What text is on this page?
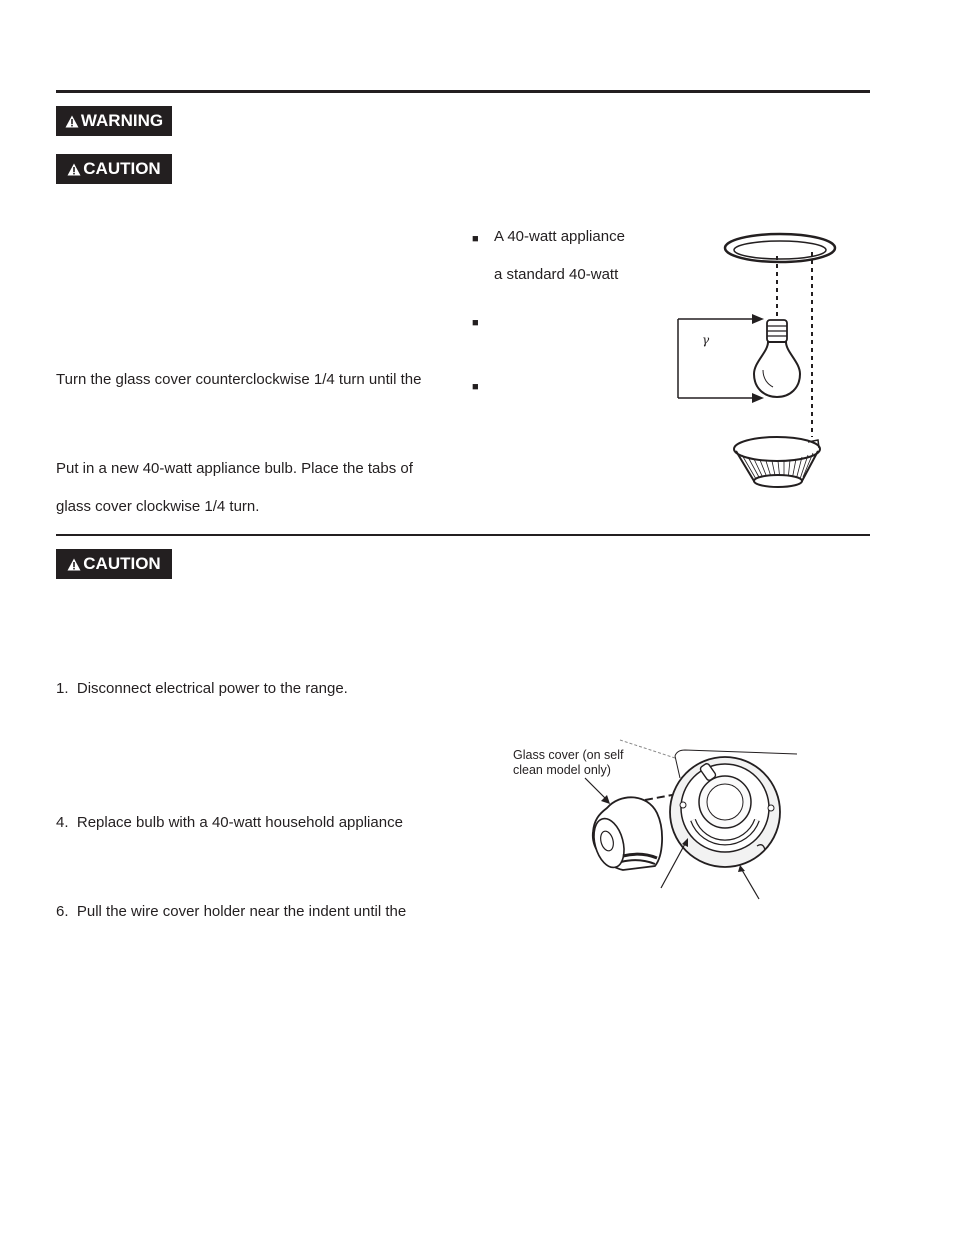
WARNING
CAUTION
Turn the glass cover counterclockwise 1/4 turn until the
Put in a new 40-watt appliance bulb. Place the tabs of
glass cover clockwise 1/4 turn.
■ A 40-watt appliance
a standard 40-watt
■
■
γ
CAUTION
1. Disconnect electrical power to the range.
4. Replace bulb with a 40-watt household appliance
6. Pull the wire cover holder near the indent until the
Glass cover (on self
clean model only)
